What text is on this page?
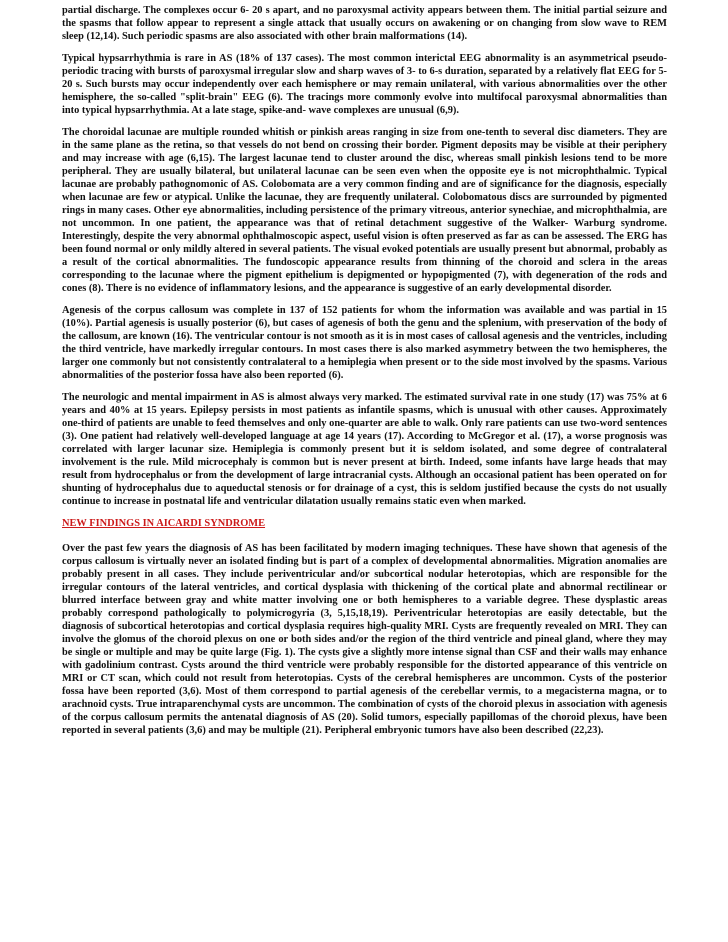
partial discharge. The complexes occur 6- 20 s apart, and no paroxysmal activity appears between them. The initial partial seizure and the spasms that follow appear to represent a single attack that usually occurs on awakening or on changing from slow wave to REM sleep (12,14). Such periodic spasms are also associated with other brain malformations (14).

Typical hypsarrhythmia is rare in AS (18% of 137 cases). The most common interictal EEG abnormality is an asymmetrical pseudo-periodic tracing with bursts of paroxysmal irregular slow and sharp waves of 3- to 6-s duration, separated by a relatively flat EEG for 5-20 s. Such bursts may occur independently over each hemisphere or may remain unilateral, with various abnormalities over the other hemisphere, the so-called "split-brain" EEG (6). The tracings more commonly evolve into multifocal paroxysmal abnormalities than into typical hypsarrhythmia. At a late stage, spike-and- wave complexes are unusual (6,9).

The choroidal lacunae are multiple rounded whitish or pinkish areas ranging in size from one-tenth to several disc diameters. They are in the same plane as the retina, so that vessels do not bend on crossing their border. Pigment deposits may be visible at their periphery and may increase with age (6,15). The largest lacunae tend to cluster around the disc, whereas small pinkish lesions tend to be more peripheral. They are usually bilateral, but unilateral lacunae can be seen even when the opposite eye is not microphthalmic. Typical lacunae are probably pathognomonic of AS. Colobomata are a very common finding and are of significance for the diagnosis, especially when lacunae are few or atypical. Unlike the lacunae, they are frequently unilateral. Colobomatous discs are surrounded by pigmented rings in many cases. Other eye abnormalities, including persistence of the primary vitreous, anterior synechiae, and microphthalmia, are not uncommon. In one patient, the appearance was that of retinal detachment suggestive of the Walker- Warburg syndrome. Interestingly, despite the very abnormal ophthalmoscopic aspect, useful vision is often preserved as far as can be assessed. The ERG has been found normal or only mildly altered in several patients. The visual evoked potentials are usually present but abnormal, probably as a result of the cortical abnormalities. The fundoscopic appearance results from thinning of the choroid and sclera in the areas corresponding to the lacunae where the pigment epithelium is depigmented or hypopigmented (7), with degeneration of the rods and cones (8). There is no evidence of inflammatory lesions, and the appearance is suggestive of an early developmental disorder.

Agenesis of the corpus callosum was complete in 137 of 152 patients for whom the information was available and was partial in 15 (10%). Partial agenesis is usually posterior (6), but cases of agenesis of both the genu and the splenium, with preservation of the body of the callosum, are known (16). The ventricular contour is not smooth as it is in most cases of callosal agenesis and the ventricles, including the third ventricle, have markedly irregular contours. In most cases there is also marked asymmetry between the two hemispheres, the larger one commonly but not consistently contralateral to a hemiplegia when present or to the side most involved by the spasms. Various abnormalities of the posterior fossa have also been reported (6).

The neurologic and mental impairment in AS is almost always very marked. The estimated survival rate in one study (17) was 75% at 6 years and 40% at 15 years. Epilepsy persists in most patients as infantile spasms, which is unusual with other causes. Approximately one-third of patients are unable to feed themselves and only one-quarter are able to walk. Only rare patients can use two-word sentences (3). One patient had relatively well-developed language at age 14 years (17). According to McGregor et al. (17), a worse prognosis was correlated with larger lacunar size. Hemiplegia is commonly present but it is seldom isolated, and some degree of contralateral involvement is the rule. Mild microcephaly is common but is never present at birth. Indeed, some infants have large heads that may result from hydrocephalus or from the development of large intracranial cysts. Although an occasional patient has been operated on for shunting of hydrocephalus due to aqueductal stenosis or for drainage of a cyst, this is seldom justified because the cysts do not usually continue to increase in postnatal life and ventricular dilatation usually remains static even when marked.

NEW FINDINGS IN AICARDI SYNDROME

Over the past few years the diagnosis of AS has been facilitated by modern imaging techniques. These have shown that agenesis of the corpus callosum is virtually never an isolated finding but is part of a complex of developmental abnormalities. Migration anomalies are probably present in all cases. They include periventricular and/or subcortical nodular heterotopias, which are responsible for the irregular contours of the lateral ventricles, and cortical dysplasia with thickening of the cortical plate and abnormal rectilinear or blurred interface between gray and white matter involving one or both hemispheres to a variable degree. These dysplastic areas probably correspond pathologically to polymicrogyria (3, 5,15,18,19). Periventricular heterotopias are easily detectable, but the diagnosis of subcortical heterotopias and cortical dysplasia requires high-quality MRI. Cysts are frequently revealed on MRI. They can involve the glomus of the choroid plexus on one or both sides and/or the region of the third ventricle and pineal gland, where they may be single or multiple and may be quite large (Fig. 1). The cysts give a slightly more intense signal than CSF and their walls may enhance with gadolinium contrast. Cysts around the third ventricle were probably responsible for the distorted appearance of this ventricle on MRI or CT scan, which could not result from heterotopias. Cysts of the cerebral hemispheres are uncommon. Cysts of the posterior fossa have been reported (3,6). Most of them correspond to partial agenesis of the cerebellar vermis, to a megacisterna magna, or to arachnoid cysts. True intraparenchymal cysts are uncommon. The combination of cysts of the choroid plexus in association with agenesis of the corpus callosum permits the antenatal diagnosis of AS (20). Solid tumors, especially papillomas of the choroid plexus, have been reported in several patients (3,6) and may be multiple (21). Peripheral embryonic tumors have also been described (22,23).
